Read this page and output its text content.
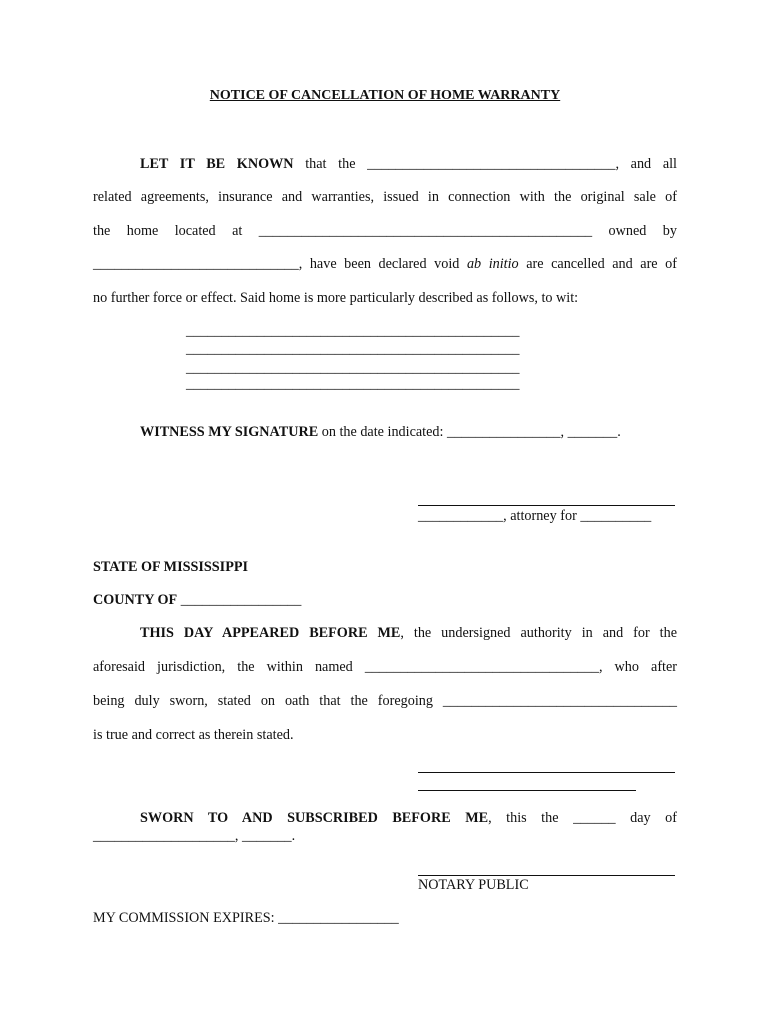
NOTICE OF CANCELLATION OF HOME WARRANTY
LET IT BE KNOWN that the ___________________________________, and all
related agreements, insurance and warranties, issued in connection with the original sale of
the home located at _______________________________________________ owned by
_____________________________, have been declared void ab initio are cancelled and are of
no further force or effect. Said home is more particularly described as follows, to wit:
_______________________________________________
_______________________________________________
_______________________________________________
_______________________________________________
WITNESS MY SIGNATURE on the date indicated: ________________, _______.
____________, attorney for __________
STATE OF MISSISSIPPI
COUNTY OF _________________
THIS DAY APPEARED BEFORE ME, the undersigned authority in and for the
aforesaid jurisdiction, the within named _________________________________, who after
being duly sworn, stated on oath that the foregoing _________________________________
is true and correct as therein stated.
SWORN TO AND SUBSCRIBED BEFORE ME, this the ______ day of
____________________, _______.
NOTARY PUBLIC
MY COMMISSION EXPIRES: _________________
